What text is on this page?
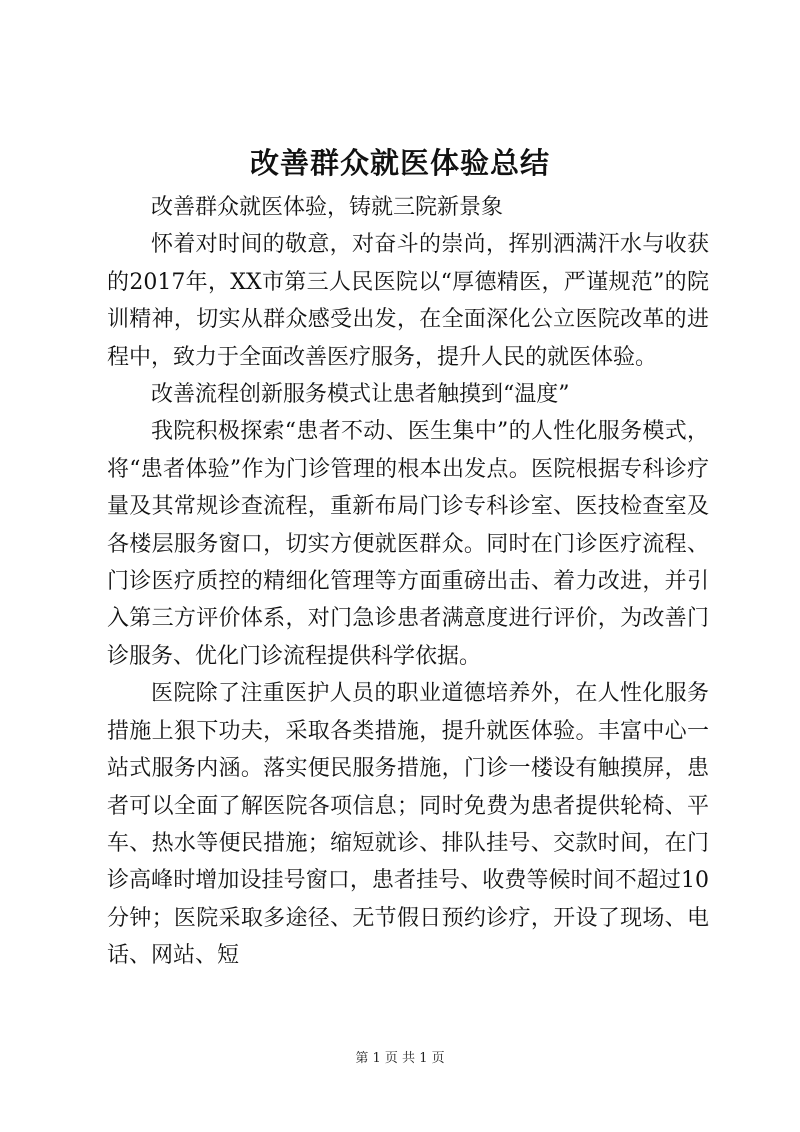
改善群众就医体验总结

改善群众就医体验，铸就三院新景象

怀着对时间的敬意，对奋斗的崇尚，挥别洒满汗水与收获的2017年，XX市第三人民医院以“厚德精医，严谨规范”的院训精神，切实从群众感受出发，在全面深化公立医院改革的进程中，致力于全面改善医疗服务，提升人民的就医体验。

改善流程创新服务模式让患者触摸到“温度”

我院积极探索“患者不动、医生集中”的人性化服务模式，将“患者体验”作为门诊管理的根本出发点。医院根据专科诊疗量及其常规诊查流程，重新布局门诊专科诊室、医技检查室及各楼层服务窗口，切实方便就医群众。同时在门诊医疗流程、门诊医疗质控的精细化管理等方面重磅出击、着力改进，并引入第三方评价体系，对门急诊患者满意度进行评价，为改善门诊服务、优化门诊流程提供科学依据。

医院除了注重医护人员的职业道德培养外，在人性化服务措施上狠下功夫，采取各类措施，提升就医体验。丰富中心一站式服务内涵。落实便民服务措施，门诊一楼设有触摸屏，患者可以全面了解医院各项信息；同时免费为患者提供轮椅、平车、热水等便民措施；缩短就诊、排队挂号、交款时间，在门诊高峰时增加设挂号窗口，患者挂号、收费等候时间不超过10分钟；医院采取多途径、无节假日预约诊疗，开设了现场、电话、网站、短

第 1 页 共 1 页
